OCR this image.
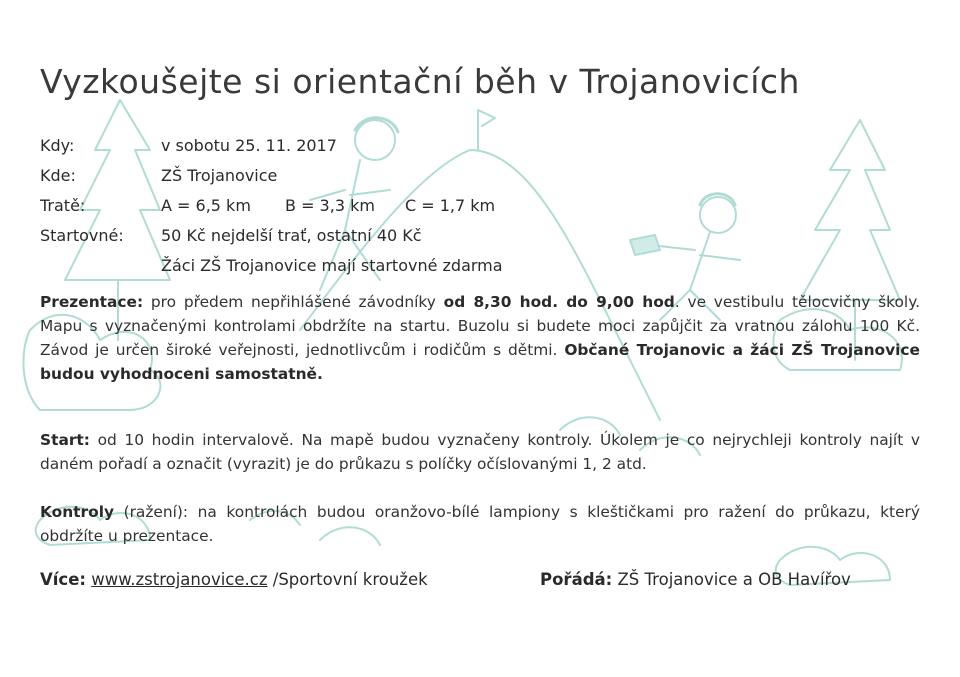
Vyzkoušejte si orientační běh v Trojanovicích
Kdy:	v sobotu 25. 11. 2017
Kde:	ZŠ Trojanovice
Tratě:	A = 6,5 km B = 3,3 km C = 1,7 km
Startovné: 50 Kč nejdelší trať, ostatní 40 Kč
Žáci ZŠ Trojanovice mají startovné zdarma

Prezentace: pro předem nepřihlášené závodníky od 8,30 hod. do 9,00 hod. ve vestibulu tělocvičny školy. Mapu s vyznačenými kontrolami obdržíte na startu. Buzolu si budete moci zapůjčit za vratnou zálohu 100 Kč. Závod je určen široké veřejnosti, jednotlivcům i rodičům s dětmi. Občané Trojanovic a žáci ZŠ Trojanovice budou vyhodnoceni samostatně.

Start: od 10 hodin intervalově. Na mapě budou vyznačeny kontroly. Úkolem je co nejrychleji kontroly najít v daném pořadí a označit (vyrazit) je do průkazu s políčky očíslovanými 1, 2 atd.

Kontroly (ražení): na kontrolách budou oranžovo-bílé lampiony s kleštičkami pro ražení do průkazu, který obdržíte u prezentace.

Více: www.zstrojanovice.cz /Sportovní kroužek	Pořádá: ZŠ Trojanovice a OB Havířov
